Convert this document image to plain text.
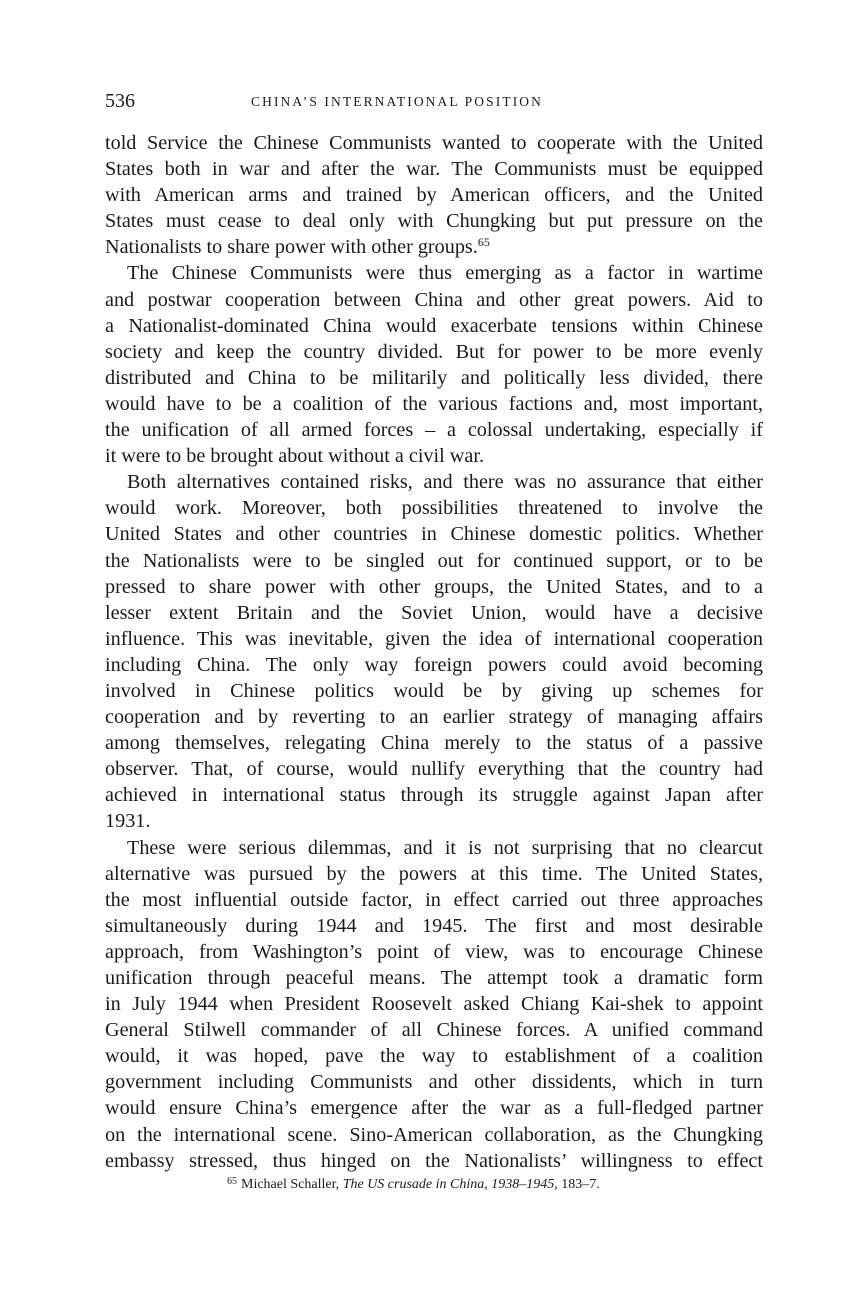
536	CHINA’S INTERNATIONAL POSITION

told Service the Chinese Communists wanted to cooperate with the United
States both in war and after the war. The Communists must be equipped
with American arms and trained by American officers, and the United
States must cease to deal only with Chungking but put pressure on the
Nationalists to share power with other groups.$^{65}$

The Chinese Communists were thus emerging as a factor in wartime
and postwar cooperation between China and other great powers. Aid to
a Nationalist-dominated China would exacerbate tensions within Chinese
society and keep the country divided. But for power to be more evenly
distributed and China to be militarily and politically less divided, there
would have to be a coalition of the various factions and, most important,
the unification of all armed forces – a colossal undertaking, especially if
it were to be brought about without a civil war.

Both alternatives contained risks, and there was no assurance that either
would work. Moreover, both possibilities threatened to involve the
United States and other countries in Chinese domestic politics. Whether
the Nationalists were to be singled out for continued support, or to be
pressed to share power with other groups, the United States, and to a
lesser extent Britain and the Soviet Union, would have a decisive
influence. This was inevitable, given the idea of international cooperation
including China. The only way foreign powers could avoid becoming
involved in Chinese politics would be by giving up schemes for
cooperation and by reverting to an earlier strategy of managing affairs
among themselves, relegating China merely to the status of a passive
observer. That, of course, would nullify everything that the country had
achieved in international status through its struggle against Japan after
1931.

These were serious dilemmas, and it is not surprising that no clearcut
alternative was pursued by the powers at this time. The United States,
the most influential outside factor, in effect carried out three approaches
simultaneously during 1944 and 1945. The first and most desirable
approach, from Washington’s point of view, was to encourage Chinese
unification through peaceful means. The attempt took a dramatic form
in July 1944 when President Roosevelt asked Chiang Kai-shek to appoint
General Stilwell commander of all Chinese forces. A unified command
would, it was hoped, pave the way to establishment of a coalition
government including Communists and other dissidents, which in turn
would ensure China’s emergence after the war as a full-fledged partner
on the international scene. Sino-American collaboration, as the Chungking
embassy stressed, thus hinged on the Nationalists’ willingness to effect

$^{65}$ Michael Schaller, The US crusade in China, 1938–1945, 183–7.
